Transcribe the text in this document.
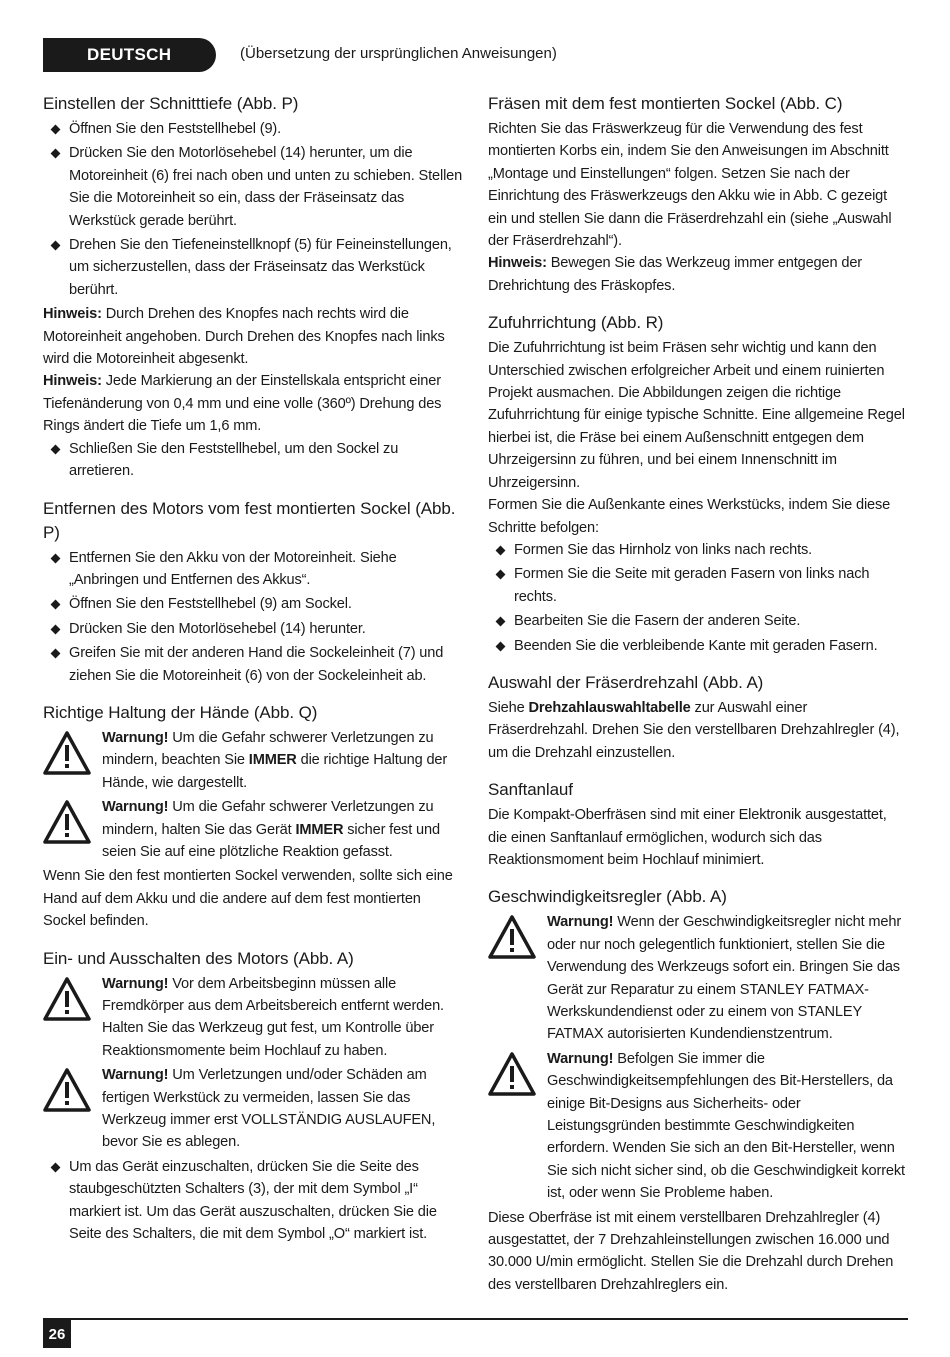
DEUTSCH	(Übersetzung der ursprünglichen Anweisungen)
Einstellen der Schnitttiefe (Abb. P)
Öffnen Sie den Feststellhebel (9).
Drücken Sie den Motorlösehebel (14) herunter, um die Motoreinheit (6) frei nach oben und unten zu schieben. Stellen Sie die Motoreinheit so ein, dass der Fräseinsatz das Werkstück gerade berührt.
Drehen Sie den Tiefeneinstellknopf (5) für Feineinstellungen, um sicherzustellen, dass der Fräseinsatz das Werkstück berührt.

Hinweis: Durch Drehen des Knopfes nach rechts wird die Motoreinheit angehoben. Durch Drehen des Knopfes nach links wird die Motoreinheit abgesenkt.

Hinweis: Jede Markierung an der Einstellskala entspricht einer Tiefenänderung von 0,4 mm und eine volle (360º) Drehung des Rings ändert die Tiefe um 1,6 mm.

Schließen Sie den Feststellhebel, um den Sockel zu arretieren.
Entfernen des Motors vom fest montierten Sockel (Abb. P)
Entfernen Sie den Akku von der Motoreinheit. Siehe „Anbringen und Entfernen des Akkus“.
Öffnen Sie den Feststellhebel (9) am Sockel.
Drücken Sie den Motorlösehebel (14) herunter.
Greifen Sie mit der anderen Hand die Sockeleinheit (7) und ziehen Sie die Motoreinheit (6) von der Sockeleinheit ab.
Richtige Haltung der Hände (Abb. Q)
Warnung! Um die Gefahr schwerer Verletzungen zu mindern, beachten Sie IMMER die richtige Haltung der Hände, wie dargestellt.
Warnung! Um die Gefahr schwerer Verletzungen zu mindern, halten Sie das Gerät IMMER sicher fest und seien Sie auf eine plötzliche Reaktion gefasst.

Wenn Sie den fest montierten Sockel verwenden, sollte sich eine Hand auf dem Akku und die andere auf dem fest montierten Sockel befinden.

Ein- und Ausschalten des Motors (Abb. A)
Warnung! Vor dem Arbeitsbeginn müssen alle Fremdkörper aus dem Arbeitsbereich entfernt werden. Halten Sie das Werkzeug gut fest, um Kontrolle über Reaktionsmomente beim Hochlauf zu haben.
Warnung! Um Verletzungen und/oder Schäden am fertigen Werkstück zu vermeiden, lassen Sie das Werkzeug immer erst VOLLSTÄNDIG AUSLAUFEN, bevor Sie es ablegen.
Um das Gerät einzuschalten, drücken Sie die Seite des staubgeschützten Schalters (3), der mit dem Symbol „I“ markiert ist. Um das Gerät auszuschalten, drücken Sie die Seite des Schalters, die mit dem Symbol „O“ markiert ist.
Fräsen mit dem fest montierten Sockel (Abb. C)

Richten Sie das Fräswerkzeug für die Verwendung des fest montierten Korbs ein, indem Sie den Anweisungen im Abschnitt „Montage und Einstellungen“ folgen. Setzen Sie nach der Einrichtung des Fräswerkzeugs den Akku wie in Abb. C gezeigt ein und stellen Sie dann die Fräserdrehzahl ein (siehe „Auswahl der Fräserdrehzahl“).

Hinweis: Bewegen Sie das Werkzeug immer entgegen der Drehrichtung des Fräskopfes.

Zufuhrrichtung (Abb. R)

Die Zufuhrrichtung ist beim Fräsen sehr wichtig und kann den Unterschied zwischen erfolgreicher Arbeit und einem ruinierten Projekt ausmachen. Die Abbildungen zeigen die richtige Zufuhrrichtung für einige typische Schnitte. Eine allgemeine Regel hierbei ist, die Fräse bei einem Außenschnitt entgegen dem Uhrzeigersinn zu führen, und bei einem Innenschnitt im Uhrzeigersinn.

Formen Sie die Außenkante eines Werkstücks, indem Sie diese Schritte befolgen:

Formen Sie das Hirnholz von links nach rechts.
Formen Sie die Seite mit geraden Fasern von links nach rechts.
Bearbeiten Sie die Fasern der anderen Seite.
Beenden Sie die verbleibende Kante mit geraden Fasern.
Auswahl der Fräserdrehzahl (Abb. A)

Siehe Drehzahlauswahltabelle zur Auswahl einer Fräserdrehzahl. Drehen Sie den verstellbaren Drehzahlregler (4), um die Drehzahl einzustellen.

Sanftanlauf

Die Kompakt-Oberfräsen sind mit einer Elektronik ausgestattet, die einen Sanftanlauf ermöglichen, wodurch sich das Reaktionsmoment beim Hochlauf minimiert.

Geschwindigkeitsregler (Abb. A)
Warnung! Wenn der Geschwindigkeitsregler nicht mehr oder nur noch gelegentlich funktioniert, stellen Sie die Verwendung des Werkzeugs sofort ein. Bringen Sie das Gerät zur Reparatur zu einem STANLEY FATMAX-Werkskundendienst oder zu einem von STANLEY FATMAX autorisierten Kundendienstzentrum.
Warnung! Befolgen Sie immer die Geschwindigkeitsempfehlungen des Bit-Herstellers, da einige Bit-Designs aus Sicherheits- oder Leistungsgründen bestimmte Geschwindigkeiten erfordern. Wenden Sie sich an den Bit-Hersteller, wenn Sie sich nicht sicher sind, ob die Geschwindigkeit korrekt ist, oder wenn Sie Probleme haben.

Diese Oberfräse ist mit einem verstellbaren Drehzahlregler (4) ausgestattet, der 7 Drehzahleinstellungen zwischen 16.000 und 30.000 U/min ermöglicht. Stellen Sie die Drehzahl durch Drehen des verstellbaren Drehzahlreglers ein.

26
